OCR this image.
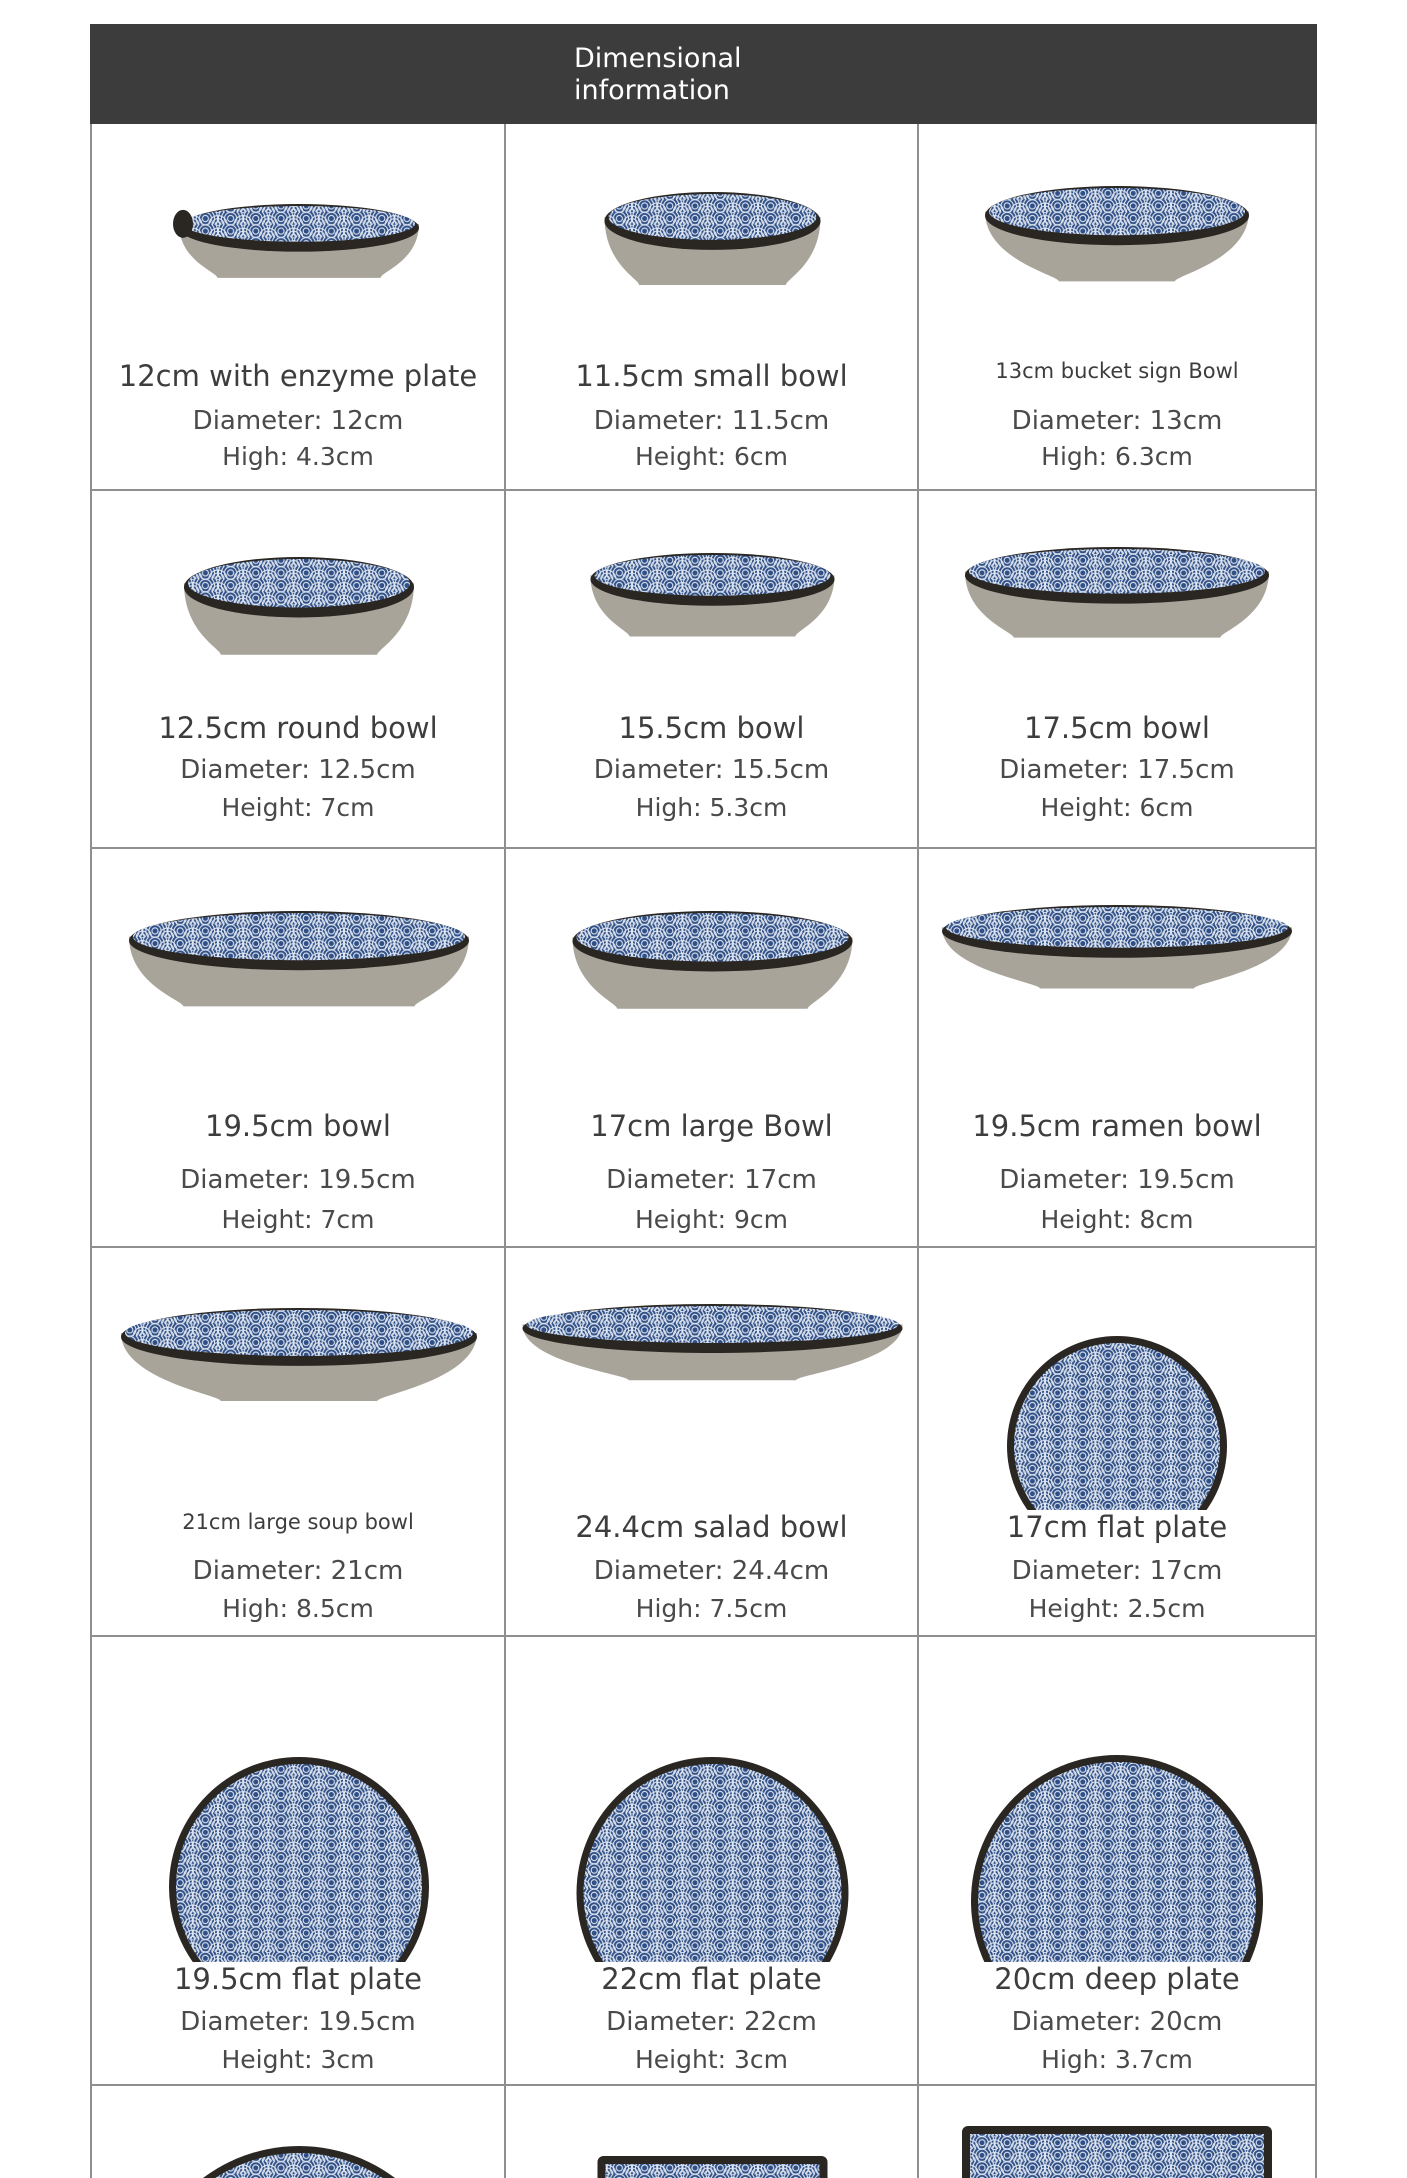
Dimensional
information
12cm with enzyme plate
Diameter: 12cm
High: 4.3cm
11.5cm small bowl
Diameter: 11.5cm
Height: 6cm
13cm bucket sign Bowl
Diameter: 13cm
High: 6.3cm
12.5cm round bowl
Diameter: 12.5cm
Height: 7cm
15.5cm bowl
Diameter: 15.5cm
High: 5.3cm
17.5cm bowl
Diameter: 17.5cm
Height: 6cm
19.5cm bowl
Diameter: 19.5cm
Height: 7cm
17cm large Bowl
Diameter: 17cm
Height: 9cm
19.5cm ramen bowl
Diameter: 19.5cm
Height: 8cm
21cm large soup bowl
Diameter: 21cm
High: 8.5cm
24.4cm salad bowl
Diameter: 24.4cm
High: 7.5cm
17cm flat plate
Diameter: 17cm
Height: 2.5cm
19.5cm flat plate
Diameter: 19.5cm
Height: 3cm
22cm flat plate
Diameter: 22cm
Height: 3cm
20cm deep plate
Diameter: 20cm
High: 3.7cm
